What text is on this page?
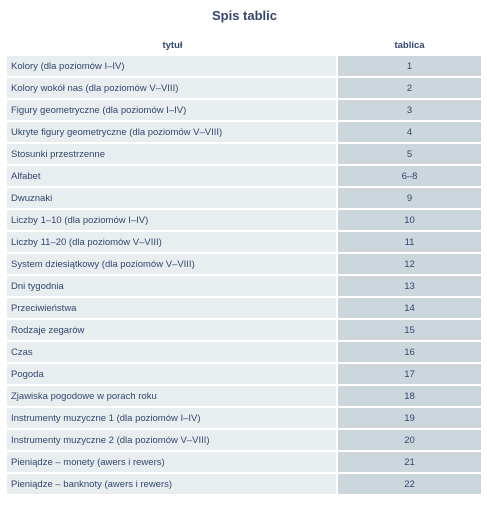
Spis tablic
tytuł	tablica
Kolory (dla poziomów I–IV)	1
Kolory wokół nas (dla poziomów V–VIII)	2
Figury geometryczne (dla poziomów I–IV)	3
Ukryte figury geometryczne (dla poziomów V–VIII)	4
Stosunki przestrzenne	5
Alfabet	6–8
Dwuznaki	9
Liczby 1–10 (dla poziomów I–IV)	10
Liczby 11–20 (dla poziomów V–VIII)	11
System dziesiątkowy (dla poziomów V–VIII)	12
Dni tygodnia	13
Przeciwieństwa	14
Rodzaje zegarów	15
Czas	16
Pogoda	17
Zjawiska pogodowe w porach roku	18
Instrumenty muzyczne 1 (dla poziomów I–IV)	19
Instrumenty muzyczne 2 (dla poziomów V–VIII)	20
Pieniądze – monety (awers i rewers)	21
Pieniądze – banknoty (awers i rewers)	22
